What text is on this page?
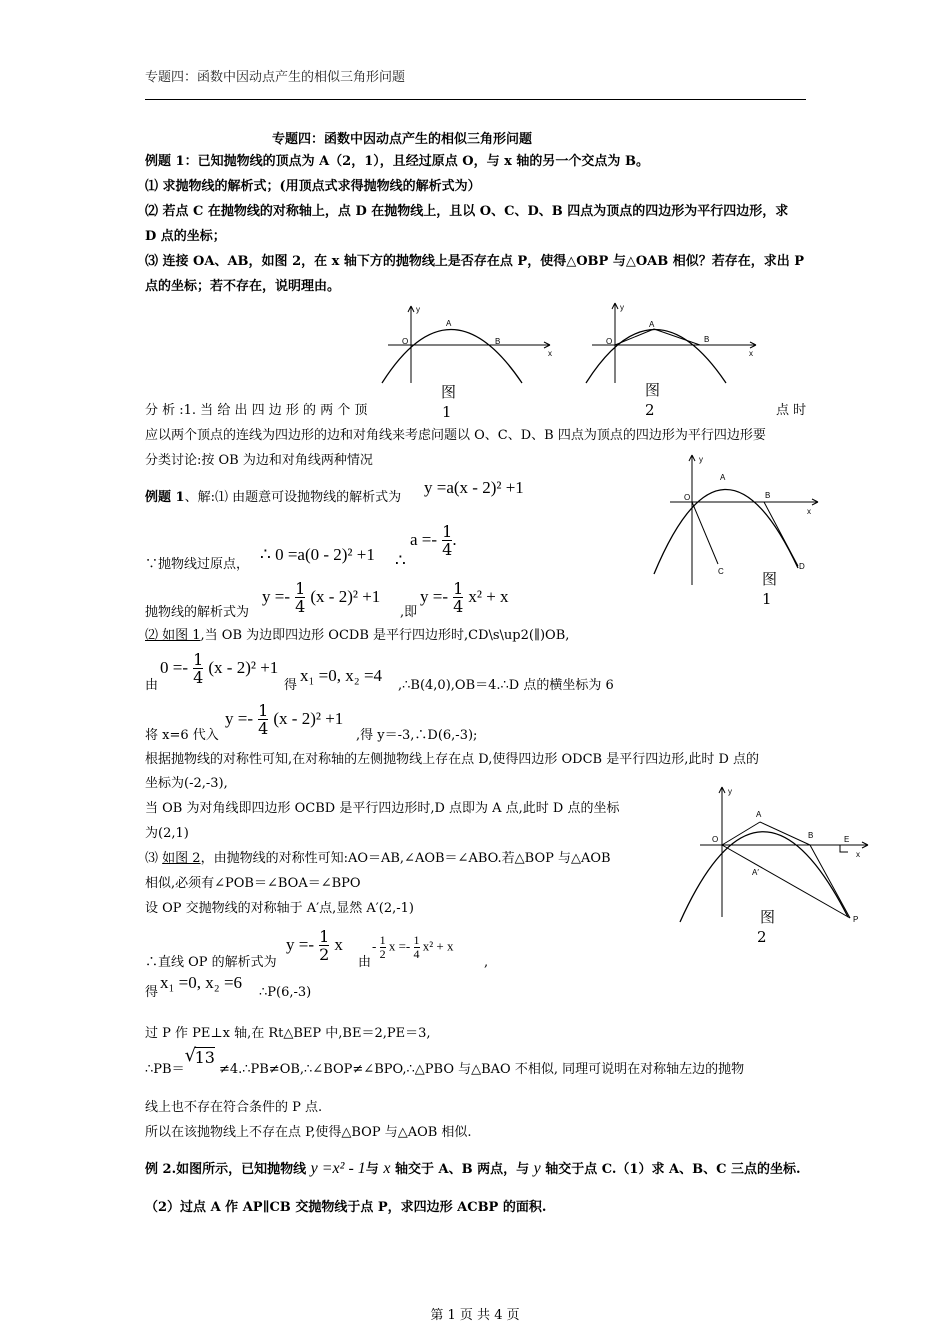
专题四：函数中因动点产生的相似三角形问题
专题四：函数中因动点产生的相似三角形问题
例题 1：已知抛物线的顶点为 A（2，1），且经过原点 O，与 x 轴的另一个交点为 B。
⑴ 求抛物线的解析式；(用顶点式求得抛物线的解析式为）
⑵ 若点 C 在抛物线的对称轴上，点 D 在抛物线上，且以 O、C、D、B 四点为顶点的四边形为平行四边形，求
D 点的坐标；
⑶ 连接 OA、AB，如图 2，在 x 轴下方的抛物线上是否存在点 P，使得△OBP 与△OAB 相似？若存在，求出 P
点的坐标；若不存在，说明理由。
y
x
O
A
B
图
1
y
x
O
A
B
图
2
分 析 :1. 当 给 出 四 边 形 的 两 个 顶	点 时
应以两个顶点的连线为四边形的边和对角线来考虑问题以 O、C、D、B 四点为顶点的四边形为平行四边形要
分类讨论:按 OB 为边和对角线两种情况	y
x
O
A
B
C
D
图
1
例题 1、解:⑴ 由题意可设抛物线的解析式为
y =a(x - 2)² +1
∵抛物线过原点，
∴ 0 =a(0 - 2)² +1 ∴
$a =- \frac{1}{4}$ .
抛物线的解析式为
$y =- \frac{1}{4} (x - 2)^2 +1$
,即
$y =- \frac{1}{4} x^2 + x$
⑵ 如图 1,当 OB 为边即四边形 OCDB 是平行四边形时,CD\s\up2(∥)OB,
由
$0 =- \frac{1}{4} (x - 2)^2 +1$
得
x₁ =0, x₂ =4
,∴B(4,0),OB＝4.∴D 点的横坐标为 6
将 x=6 代入
$y =- \frac{1}{4} (x - 2)^2 +1$
,得 y＝-3,∴D(6,-3);
根据抛物线的对称性可知,在对称轴的左侧抛物线上存在点 D,使得四边形 ODCB 是平行四边形,此时 D 点的
坐标为(-2,-3),
当 OB 为对角线即四边形 OCBD 是平行四边形时,D 点即为 A 点,此时 D 点的坐标
为(2,1)
y
x
O
A
B	E
A′
P
图
2
⑶ 如图 2，由抛物线的对称性可知:AO＝AB,∠AOB＝∠ABO.若△BOP 与△AOB
相似,必须有∠POB＝∠BOA＝∠BPO
设 OP 交抛物线的对称轴于 A′点,显然 A′(2,-1)
∴直线 OP 的解析式为
$y =- \frac{1}{2}$ x
由
- $\frac{1}{2}$ $x =- \frac{1}{4} x^2 + x$
,
得
x₁ =0, x₂ =6
∴P(6,-3)
过 P 作 PE⊥x 轴,在 Rt△BEP 中,BE＝2,PE＝3,
∴PB＝
√
13≠4.∴PB≠OB,∴∠BOP≠∠BPO,∴△PBO 与△BAO 不相似, 同理可说明在对称轴左边的抛物
线上也不存在符合条件的 P 点.
所以在该抛物线上不存在点 P,使得△BOP 与△AOB 相似.
例 2.如图所示，已知抛物线 y =x² - 1与 x 轴交于 A、B 两点，与 y 轴交于点 C.（1）求 A、B、C 三点的坐标.
（2）过点 A 作 AP∥CB 交抛物线于点 P，求四边形 ACBP 的面积.
第 1 页 共 4 页
